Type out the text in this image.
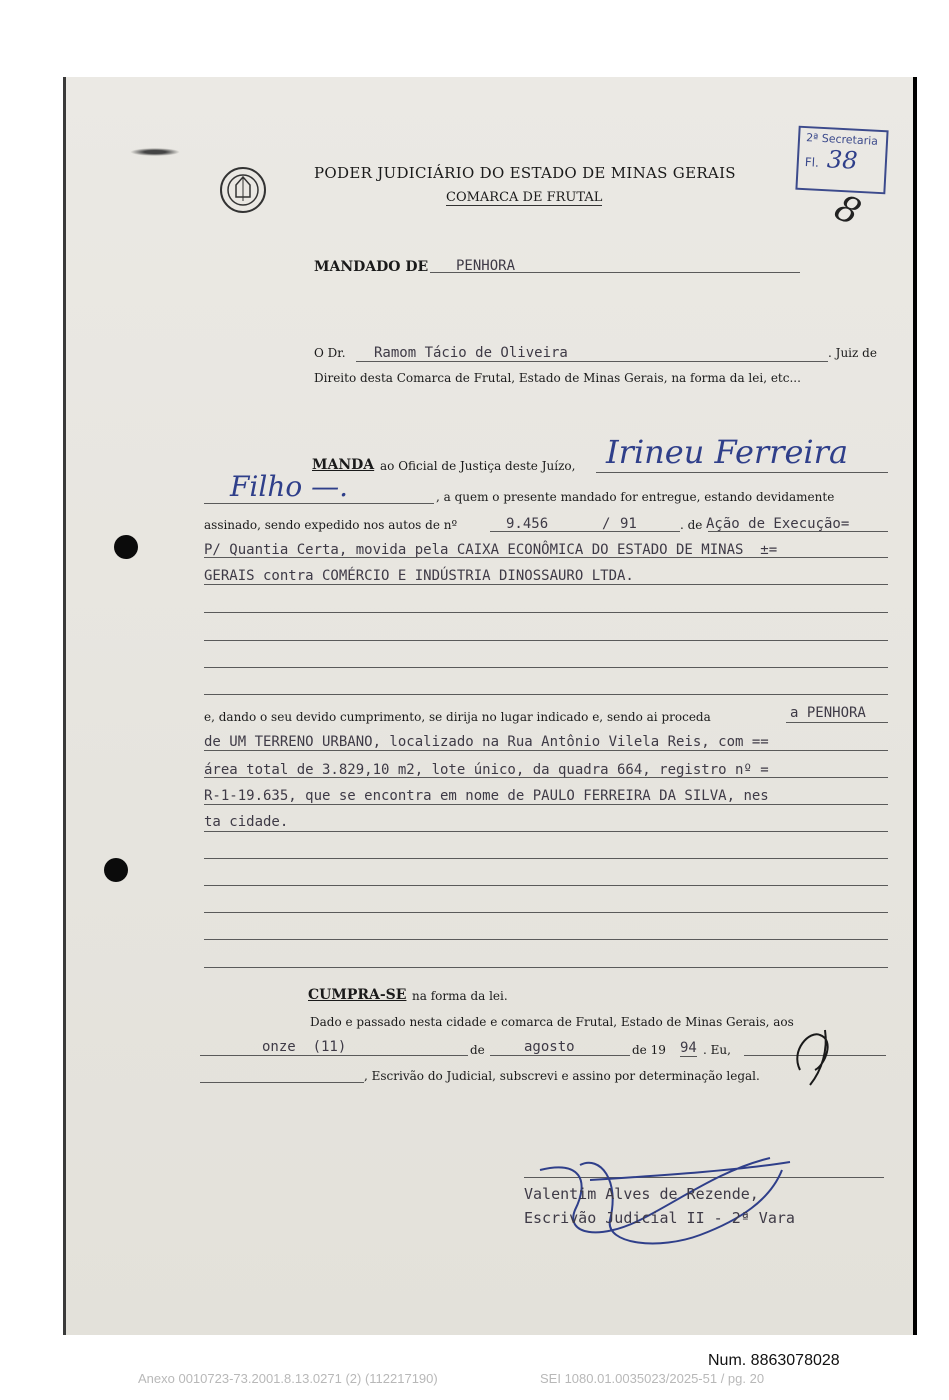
PODER JUDICIÁRIO DO ESTADO DE MINAS GERAIS
COMARCA DE FRUTAL
2ª Secretaria
Fl. 38
8
MANDADO DE PENHORA
O Dr. Ramom Tácio de Oliveira	. Juiz de
Direito desta Comarca de Frutal, Estado de Minas Gerais, na forma da lei, etc...
MANDA ao Oficial de Justiça deste Juízo, Irineu Ferreira
Filho —.	, a quem o presente mandado for entregue, estando devidamente
assinado, sendo expedido nos autos de nº	9.456	/ 91	. de Ação de Execução=
P/ Quantia Certa, movida pela CAIXA ECONÔMICA DO ESTADO DE MINAS  ±=
GERAIS contra COMÉRCIO E INDÚSTRIA DINOSSAURO LTDA.
e, dando o seu devido cumprimento, se dirija no lugar indicado e, sendo ai proceda	a PENHORA
de UM TERRENO URBANO, localizado na Rua Antônio Vilela Reis, com ==
área total de 3.829,10 m2, lote único, da quadra 664, registro nº =
R-1-19.635, que se encontra em nome de PAULO FERREIRA DA SILVA, nes
ta cidade.
CUMPRA-SE na forma da lei.
Dado e passado nesta cidade e comarca de Frutal, Estado de Minas Gerais, aos
onze  (11)	de	agosto	de 19 94 . Eu,
, Escrivão do Judicial, subscrevi e assino por determinação legal.
Valentim Alves de Rezende,
Escrivão Judicial II - 2ª Vara
Num. 8863078028
Anexo 0010723-73.2001.8.13.0271 (2) (112217190)	SEI 1080.01.0035023/2025-51 / pg. 20
